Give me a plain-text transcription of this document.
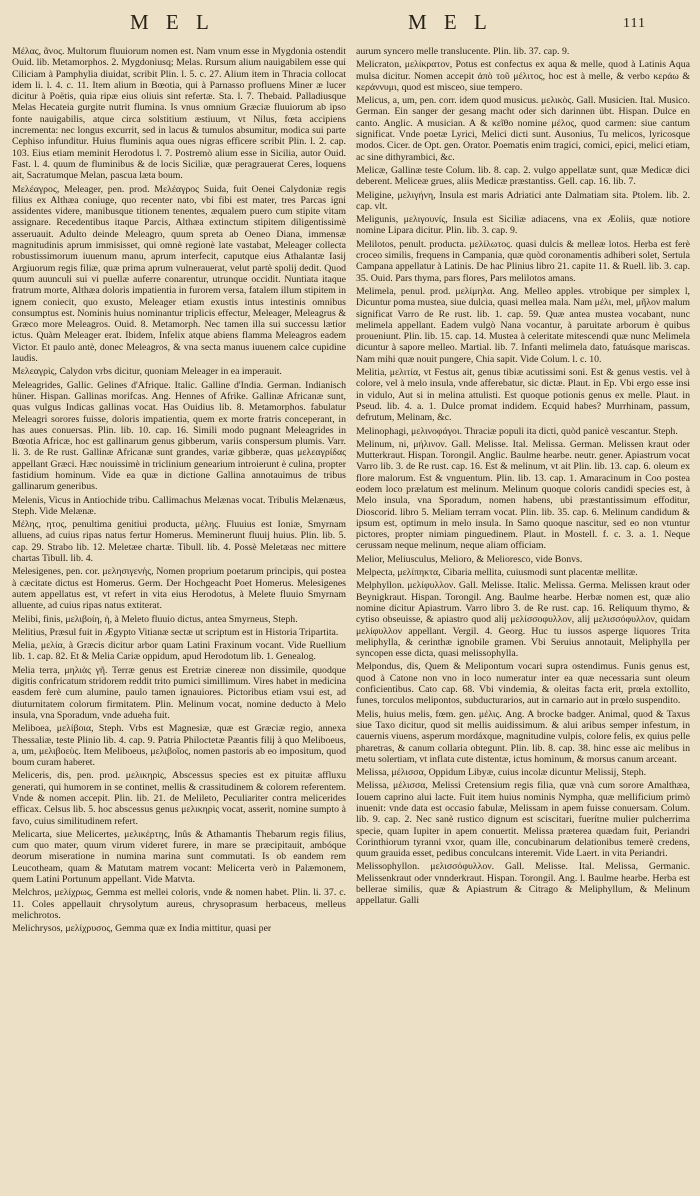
M E L	M E L	111

Μέλας, ᾶνος. Multorum fluuiorum nomen est. Nam vnum esse in Mygdonia ostendit Ouid. lib. Metamorphos. 2. Mygdoniusq; Melas. Rursum alium nauigabilem esse qui Ciliciam à Pamphylia diuidat, scribit Plin. l. 5. c. 27. Alium item in Thracia collocat idem li. l. 4. c. 11. Item alium in Bœotia, qui à Parnasso profluens Miner æ lucer dicitur à Poëtis, quia ripæ eius oliuis sint refertæ. Sta. l. 7. Thebaid. Palladiusque Melas Hecateia gurgite nutrit flumina. Is vnus omnium Græciæ fluuiorum ab ipso fonte nauigabilis, atque circa solstitium æstiuum, vt Nilus, fœta accipiens incrementa: nec longus excurrit, sed in lacus & tumulos absumitur, modica sui parte Cephiso infunditur. Huius fluminis aqua oues nigras efficere scribit Plin. l. 2. cap. 103. Eius etiam meminit Herodotus l. 7. Postremò alium esse in Sicilia, autor Ouid. Fast. l. 4. quum de fluminibus & de locis Siciliæ, quæ peragrauerat Ceres, loquens ait, Sacratumque Melan, pascua læta boum.

Μελέαγρος, Meleager, pen. prod. Μελέαγρος Suida, fuit Oenei Calydoniæ regis filius ex Althæa coniuge, quo recenter nato, vbi fibi est mater, tres Parcas igni assidentes videre, manibusque titionem tenentes, æqualem puero cum stipite vitam assignare. Recedentibus itaque Parcis, Althæa extinctum stipitem diligentissimè asseruauit. Adulto deinde Meleagro, quum spreta ab Oeneo Diana, immensæ magnitudinis aprum immisisset, qui omnè regionè late vastabat, Meleager collecta robustissimorum iuuenum manu, aprum interfecit, caputque eius Athalantæ Iasij Argiuorum regis filiæ, quæ prima aprum vulnerauerat, velut partè spolij dedit. Quod quum auunculi sui vi puellæ auferre conarentur, utrunque occidit. Nuntiata itaque fratrum morte, Althæa doloris impatientia in furorem versa, fatalem illum stipitem in ignem coniecit, quo exusto, Meleager etiam exustis intus intestinis omnibus consumptus est. Nominis huius nominantur triplicis effectur, Meleager, Meleagrus & Græco more Meleagros. Ouid. 8. Metamorph. Nec tamen illa sui successu lætior ictus. Quàm Meleager erat. Ibidem, Infelix atque abiens flamma Meleagros eadem Victor. Et paulo antè, donec Meleagros, & vna secta manus iuuenem calce cupidine laudis.

Μελεαγρὶς, Calydon vrbs dicitur, quoniam Meleager in ea imperauit.

Meleagrides, Gallic. Gelines d'Afrique. Italic. Galline d'India. German. Indianisch hüner. Hispan. Gallinas morifcas. Ang. Hennes of Afrike. Gallinæ Africanæ sunt, quas vulgus Indicas gallinas vocat. Has Ouidius lib. 8. Metamorphos. fabulatur Meleagri sorores fuisse, doloris impatientia, quem ex morte fratris conceperant, in has aues conuersas. Plin. lib. 10. cap. 16. Simili modo pugnant Meleagrides in Bœotia Africæ, hoc est gallinarum genus gibberum, variis conspersum plumis. Varr. li. 3. de Re rust. Gallinæ Africanæ sunt grandes, variæ gibberæ, quas μελεαγρίδας appellant Græci. Hæc nouissimè in triclinium genearium introierunt è culina, propter fastidium hominum. Vide ea quæ in dictione Gallina annotauimus de tribus gallinarum generibus.

Melenis, Vicus in Antiochide tribu. Callimachus Melænas vocat. Tribulis Melænæus, Steph. Vide Melænæ.

Μέλης, ητος, penultima genitiui producta, μέλης. Fluuius est Ioniæ, Smyrnam alluens, ad cuius ripas natus fertur Homerus. Meminerunt fluuij huius. Plin. lib. 5. cap. 29. Strabo lib. 12. Meletæe chartæ. Tibull. lib. 4. Possè Meletæas nec mittere chartas Tibull. lib. 4.

Melesigenes, pen. cor. μελησιγενὴς, Nomen proprium poetarum principis, qui postea à cæcitate dictus est Homerus. Germ. Der Hochgeacht Poet Homerus. Melesigenes autem appellatus est, vt refert in vita eius Herodotus, à Melete fluuio Smyrnam alluente, ad cuius ripas natus extiterat.

Melibi, finis, μελιβοίη, ἡ, à Meleto fluuio dictus, antea Smyrneus, Steph.

Melitius, Præsul fuit in Ægypto Vitianæ sectæ ut scriptum est in Historia Tripartita.

Melia, μελία, à Græcis dicitur arbor quam Latini Fraxinum vocant. Vide Ruellium lib. 1. cap. 82. Et & Melia Cariæ oppidum, apud Herodotum lib. 1. Genealog.

Melia terra, μηλιὰς γῆ. Terræ genus est Eretriæ cinereæ non dissimile, quodque digitis confricatum stridorem reddit trito pumici simillimum. Vires habet in medicina easdem ferè cum alumine, paulo tamen ignauiores. Pictoribus etiam vsui est, ad diuturnitatem colorum firmitatem. Plin. Melinum vocat, nomine deducto à Melo insula, vna Sporadum, vnde adueha fuit.

Meliboea, μελίβοια, Steph. Vrbs est Magnesiæ, quæ est Græciæ regio, annexa Thessaliæ, teste Plinio lib. 4. cap. 9. Patria Philoctetæ Pæantis filij à quo Meliboeus, a, um, μελιβοεὺς. Item Meliboeus, μελιβοῖος, nomen pastoris ab eo impositum, quod boum curam haberet.

Meliceris, dis, pen. prod. μελικηρὶς, Abscessus species est ex pituitæ affluxu generati, qui humorem in se continet, mellis & crassitudinem & colorem referentem. Vnde & nomen accepit. Plin. lib. 21. de Melileto, Peculiariter contra melicerides efficax. Celsus lib. 5. hoc abscessus genus μελικηρὶς vocat, asserit, nomine sumpto à favo, cuius similitudinem refert.

Melicarta, siue Melicertes, μελικέρτης, Inûs & Athamantis Thebarum regis filius, cum quo mater, quum virum videret furere, in mare se præcipitauit, ambóque deorum miseratione in numina marina sunt commutati. Is ob eandem rem Leucotheam, quam & Matutam matrem vocant: Melicerta verò in Palæmonem, quem Latini Portunum appellant. Vide Matvta.

Melchros, μελίχρως, Gemma est mellei coloris, vnde & nomen habet. Plin. li. 37. c. 11. Coles appellauit chrysolytum aureus, chrysoprasum herbaceus, melleus melichrotos.

Melichrysos, μελίχρυσος, Gemma quæ ex India mittitur, quasi per

aurum syncero melle translucente. Plin. lib. 37. cap. 9.

Melicraton, μελίκρατον, Potus est confectus ex aqua & melle, quod à Latinis Aqua mulsa dicitur. Nomen accepit ἀπὸ τοῦ μέλιτος, hoc est à melle, & verbo κεράω & κεράννυμι, quod est misceo, siue tempero.

Melicus, a, um, pen. corr. idem quod musicus. μελικὸς. Gall. Musicien. Ital. Musico. German. Ein sanger der gesang macht oder sich darinnen übt. Hispan. Dulce en canto. Anglic. A musician. A & κεῖθο nomine μέλος, quod carmen: siue cantum significat. Vnde poetæ Lyrici, Melici dicti sunt. Ausonius, Tu melicos, lyricosque modos. Cicer. de Opt. gen. Orator. Poematis enim tragici, comici, epici, melici etiam, ac sine dithyrambici, &c.

Melicæ, Gallinæ teste Colum. lib. 8. cap. 2. vulgo appellatæ sunt, quæ Medicæ dici deberent. Meliceæ grues, aliis Medicæ præstantiss. Gell. cap. 16. lib. 7.

Meligine, μελιγήνη, Insula est maris Adriatici ante Dalmatiam sita. Ptolem. lib. 2. cap. vlt.

Meligunis, μελιγουνίς, Insula est Siciliæ adiacens, vna ex Æoliis, quæ notiore nomine Lipara dicitur. Plin. lib. 3. cap. 9.

Melilotos, penult. producta. μελίλωτος. quasi dulcis & melleæ lotos. Herba est ferè croceo similis, frequens in Campania, quæ quòd coronamentis adhiberi solet, Sertula Campana appellatur à Latinis. De hac Plinius libro 21. capite 11. & Ruell. lib. 3. cap. 35. Ouid. Pars thyma, pars flores, Pars melilotos amans.

Melimela, penul. prod. μελίμηλα. Ang. Melleo apples. vtrobique per simplex l, Dicuntur poma mustea, siue dulcia, quasi mellea mala. Nam μέλι, mel, μῆλον malum significat Varro de Re rust. lib. 1. cap. 59. Quæ antea mustea vocabant, nunc melimela appellant. Eadem vulgò Nana vocantur, à paruitate arborum è quibus proueniunt. Plin. lib. 15. cap. 14. Mustea à celeritate mitescendi quæ nunc Melimela dicuntur à sapore melleo. Martial. lib. 7. Infanti melimela dato, fatuásque mariscas. Nam mihi quæ nouit pungere, Chia sapit. Vide Colum. l. c. 10.

Melitia, μελιτία, vt Festus ait, genus tibiæ acutissimi soni. Est & genus vestis. vel à colore, vel à melo insula, vnde afferebatur, sic dictæ. Plaut. in Ep. Vbi ergo esse insi in vidulo, Aut si in melina attulisti. Est quoque potionis genus ex melle. Plaut. in Pseud. lib. 4. a. 1. Dulce promat indidem. Ecquid habes? Murrhinam, passum, defrutum, Melinam, &c.

Melinophagi, μελινοφάγοι. Thraciæ populi ita dicti, quòd panicè vescantur. Steph.

Melinum, ni, μήλινον. Gall. Melisse. Ital. Melissa. German. Melissen kraut oder Mutterkraut. Hispan. Torongil. Anglic. Baulme hearbe. neutr. gener. Apiastrum vocat Varro lib. 3. de Re rust. cap. 16. Est & melinum, vt ait Plin. lib. 13. cap. 6. oleum ex flore malorum. Est & vnguentum. Plin. lib. 13. cap. 1. Amaracinum in Coo postea eodem loco prælatum est melinum. Melinum quoque coloris candidi species est, à Melo insula, vna Sporadum, nomen habens, ubi præstantissimum effoditur, Dioscorid. libro 5. Meliam terram vocat. Plin. lib. 35. cap. 6. Melinum candidum & ipsum est, optimum in melo insula. In Samo quoque nascitur, sed eo non vtuntur pictores, propter nimiam pinguedinem. Plaut. in Mostell. f. c. 3. a. 1. Neque cerussam neque melinum, neque aliam officiam.

Melior, Meliusculus, Melioro, & Melioresco, vide Bonvs.

Melpecta, μελίπηκτα, Cibaria mellita, cuiusmodi sunt placentæ mellitæ.

Melphyllon. μελίφυλλον. Gall. Melisse. Italic. Melissa. Germa. Melissen kraut oder Beynigkraut. Hispan. Torongil. Ang. Baulme hearbe. Herbæ nomen est, quæ alio nomine dicitur Apiastrum. Varro libro 3. de Re rust. cap. 16. Reliquum thymo, & cytiso obseuisse, & apiastro quod alij μελίσσοφυλλον, alij μελισσόφυλλον, quidam μελίφυλλον appellant. Vergil. 4. Georg. Huc tu iussos asperge liquores Trita meliphylla, & cerinthæ ignobile gramen. Vbi Seruius annotauit, Meliphylla per syncopen esse dicta, quasi melissophylla.

Melpondus, dis, Quem & Melipontum vocari supra ostendimus. Funis genus est, quod à Catone non vno in loco numeratur inter ea quæ necessaria sunt oleum conficientibus. Cato cap. 68. Vbi vindemia, & oleitas facta erit, prœla extollito, funes, torculos melipontos, subducturarios, aut in carnario aut in prœlo suspendito.

Melis, huius melis, fœm. gen. μέλις. Ang. A brocke badger. Animal, quod & Taxus siue Taxo dicitur, quod sit mellis auidissimum. & alui aribus semper infestum, in cauernis viuens, asperum mordáxque, magnitudine vulpis, colore felis, ex quius pelle pharetras, & canum collaria obtegunt. Plin. lib. 8. cap. 38. hinc esse aic melibus in metu solertiam, vt inflata cute distentæ, ictus hominum, & morsus canum arceant.

Melissa, μέλισσα, Oppidum Libyæ, cuius incolæ dicuntur Melissij, Steph.

Melissa, μέλισσα, Melissi Cretensium regis filia, quæ vnà cum sorore Amalthæa, Iouem caprino alui lacte. Fuit item huius nominis Nympha, quæ mellificium primò inuenit: vnde data est occasio fabulæ, Melissam in apem fuisse conuersam. Colum. lib. 9. cap. 2. Nec sanè rustico dignum est sciscitari, fuerítne mulier pulcherrima specie, quam Iupiter in apem conuertit. Melissa præterea quædam fuit, Periandri Corinthiorum tyranni vxor, quam ille, concubinarum delationibus temerè credens, quum grauida esset, pedibus conculcans interemit. Vide Laert. in vita Periandri.

Melissophyllon. μελισσόφυλλον. Gall. Melisse. Ital. Melissa, Germanic. Melissenkraut oder vnnderkraut. Hispan. Torongil. Ang. l. Baulme hearbe. Herba est bellerae similis, quæ & Apiastrum & Citrago & Meliphyllum, & Melinum appellatur. Galli
